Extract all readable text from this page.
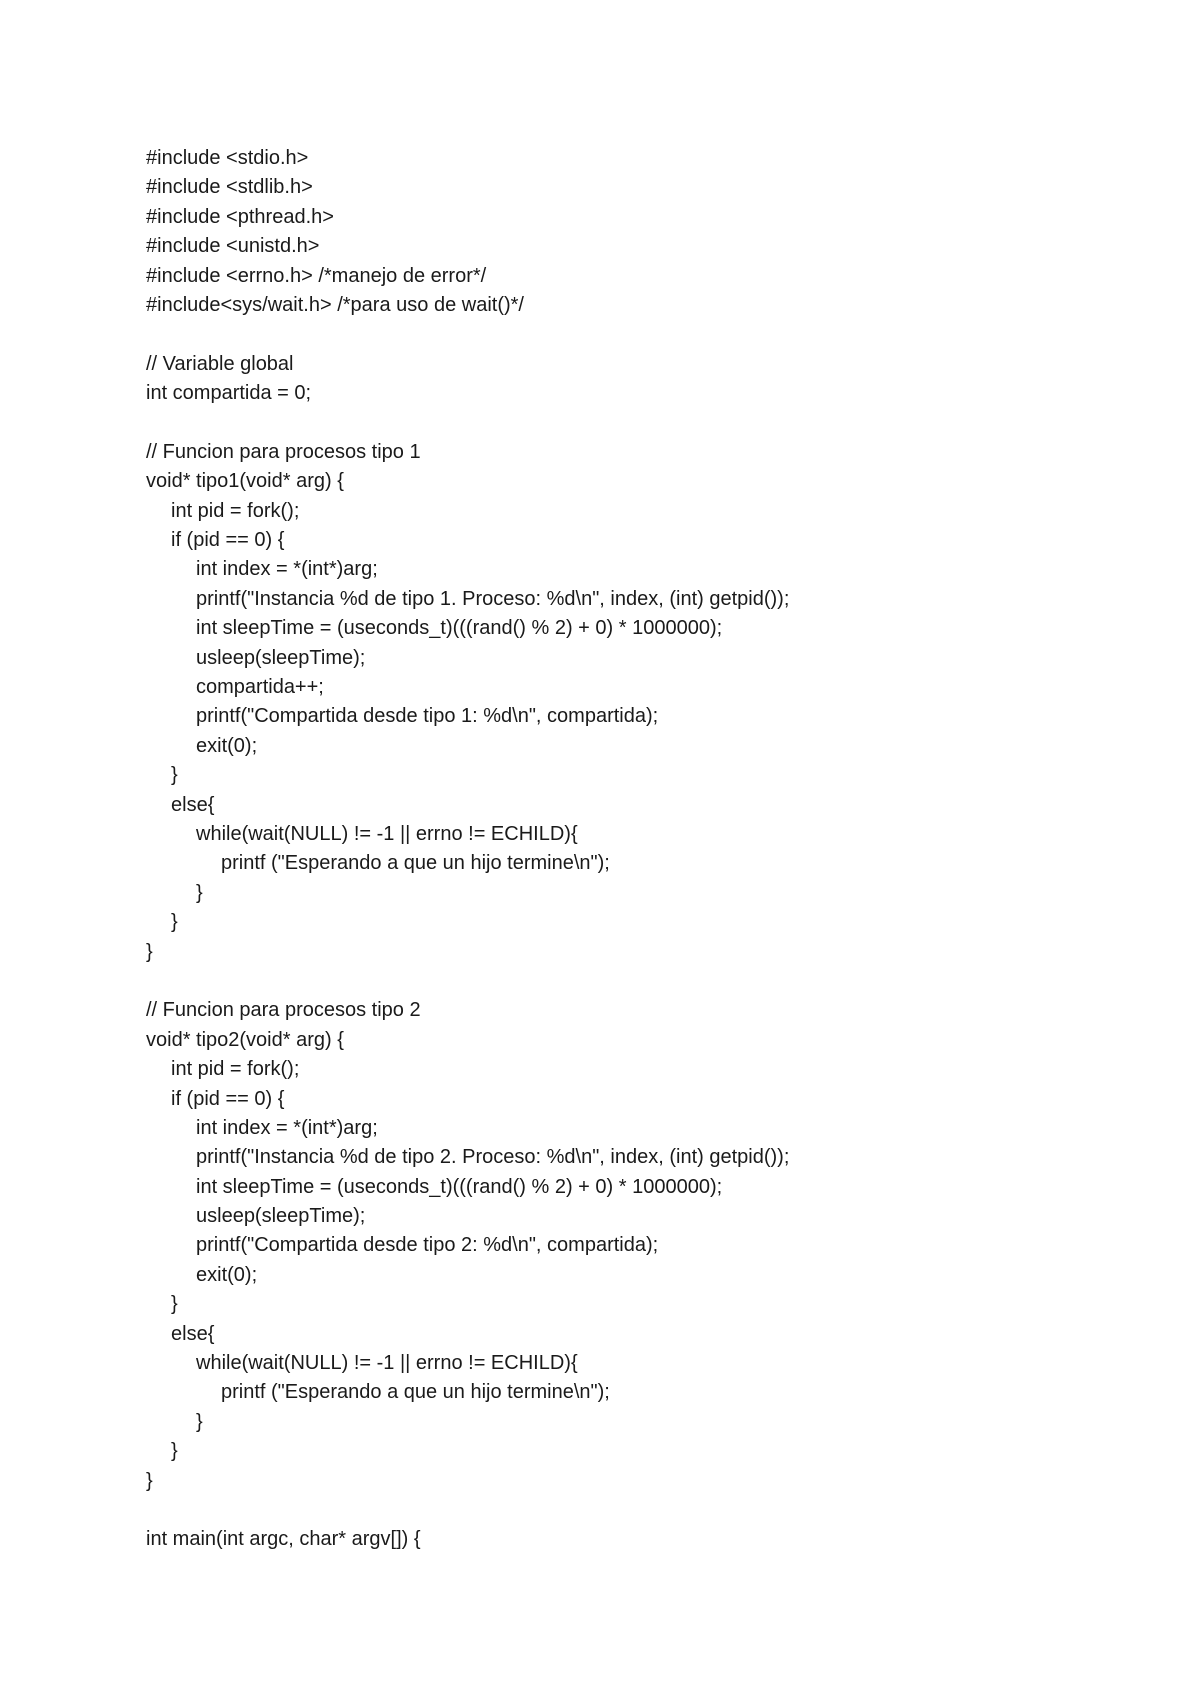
#include <stdio.h>
#include <stdlib.h>
#include <pthread.h>
#include <unistd.h>
#include <errno.h> /*manejo de error*/
#include<sys/wait.h> /*para uso de wait()*/
// Variable global
int compartida = 0;
// Funcion para procesos tipo 1
void* tipo1(void* arg) {
int pid = fork();
if (pid == 0) {
int index = *(int*)arg;
printf("Instancia %d de tipo 1. Proceso: %d\n", index, (int) getpid());
int sleepTime = (useconds_t)(((rand() % 2) + 0) * 1000000);
usleep(sleepTime);
compartida++;
printf("Compartida desde tipo 1: %d\n", compartida);
exit(0);
}
else{
while(wait(NULL) != -1 || errno != ECHILD){
printf ("Esperando a que un hijo termine\n");
}
}
}
// Funcion para procesos tipo 2
void* tipo2(void* arg) {
int pid = fork();
if (pid == 0) {
int index = *(int*)arg;
printf("Instancia %d de tipo 2. Proceso: %d\n", index, (int) getpid());
int sleepTime = (useconds_t)(((rand() % 2) + 0) * 1000000);
usleep(sleepTime);
printf("Compartida desde tipo 2: %d\n", compartida);
exit(0);
}
else{
while(wait(NULL) != -1 || errno != ECHILD){
printf ("Esperando a que un hijo termine\n");
}
}
}
int main(int argc, char* argv[]) {
